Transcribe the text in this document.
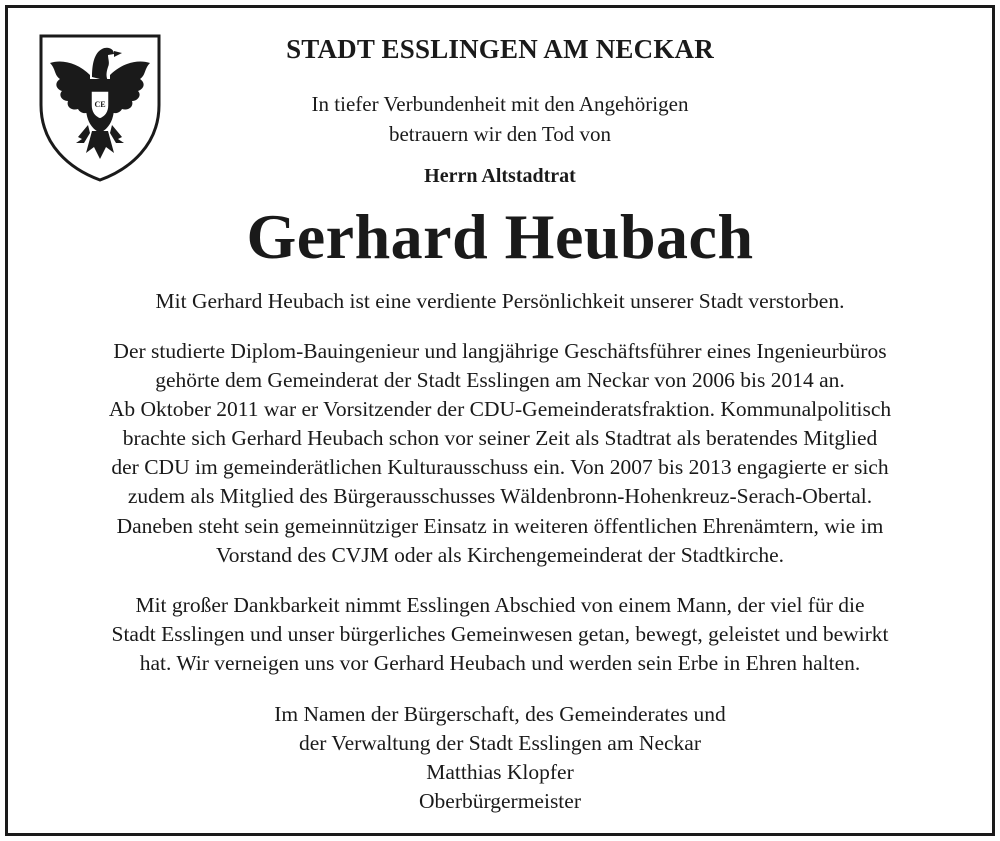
CE
STADT ESSLINGEN AM NECKAR
In tiefer Verbundenheit mit den Angehörigen
betrauern wir den Tod von
Herrn Altstadtrat
Gerhard Heubach
Mit Gerhard Heubach ist eine verdiente Persönlichkeit unserer Stadt verstorben.
Der studierte Diplom-Bauingenieur und langjährige Geschäftsführer eines Ingenieurbüros
gehörte dem Gemeinderat der Stadt Esslingen am Neckar von 2006 bis 2014 an.
Ab Oktober 2011 war er Vorsitzender der CDU-Gemeinderatsfraktion. Kommunalpolitisch
brachte sich Gerhard Heubach schon vor seiner Zeit als Stadtrat als beratendes Mitglied
der CDU im gemeinderätlichen Kulturausschuss ein. Von 2007 bis 2013 engagierte er sich
zudem als Mitglied des Bürgerausschusses Wäldenbronn-Hohenkreuz-Serach-Obertal.
Daneben steht sein gemeinnütziger Einsatz in weiteren öffentlichen Ehrenämtern, wie im
Vorstand des CVJM oder als Kirchengemeinderat der Stadtkirche.
Mit großer Dankbarkeit nimmt Esslingen Abschied von einem Mann, der viel für die
Stadt Esslingen und unser bürgerliches Gemeinwesen getan, bewegt, geleistet und bewirkt
hat. Wir verneigen uns vor Gerhard Heubach und werden sein Erbe in Ehren halten.
Im Namen der Bürgerschaft, des Gemeinderates und
der Verwaltung der Stadt Esslingen am Neckar
Matthias Klopfer
Oberbürgermeister
